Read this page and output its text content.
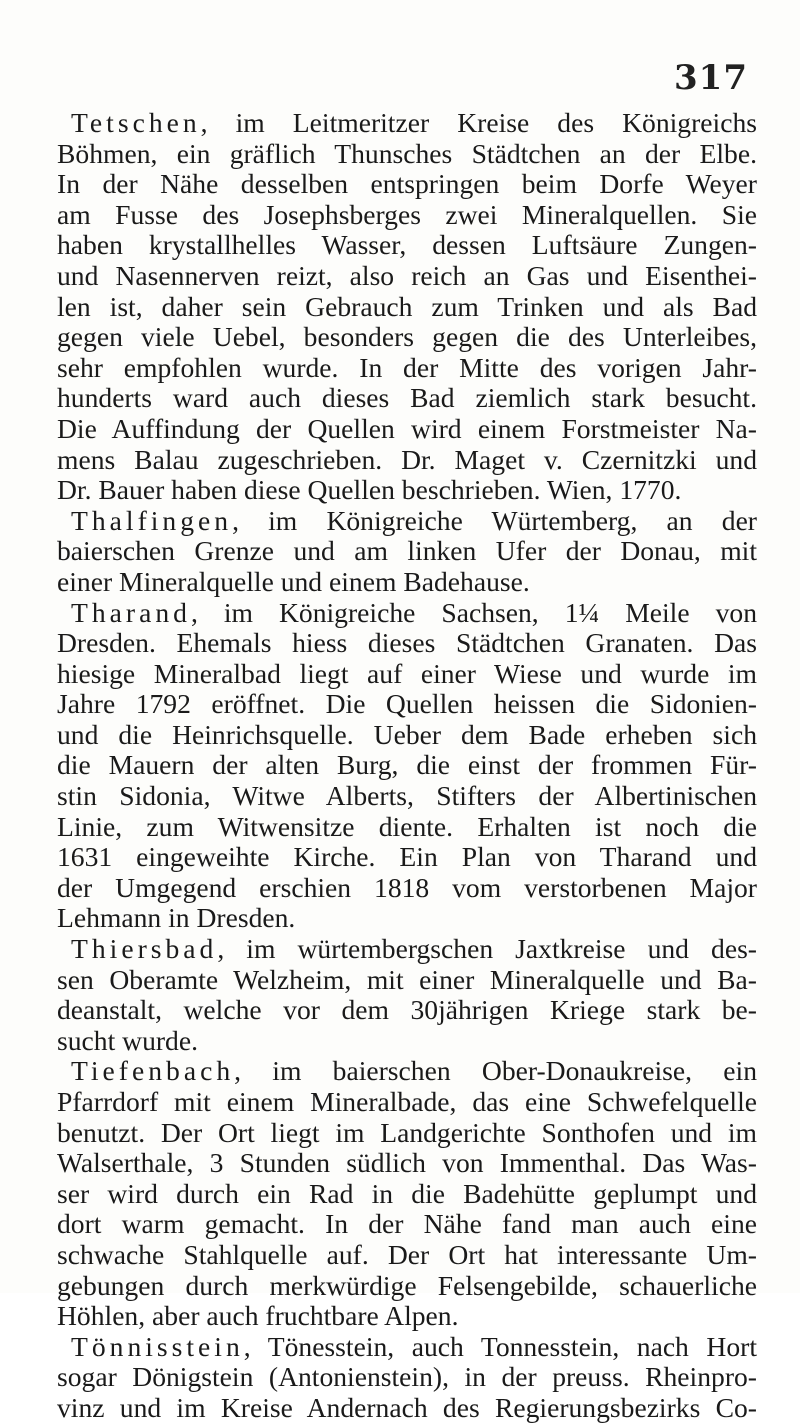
317
Tetschen, im Leitmeritzer Kreise des Königreichs
Böhmen, ein gräflich Thunsches Städtchen an der Elbe.
In der Nähe desselben entspringen beim Dorfe Weyer
am Fusse des Josephsberges zwei Mineralquellen. Sie
haben krystallhelles Wasser, dessen Luftsäure Zungen-
und Nasennerven reizt, also reich an Gas und Eisenthei-
len ist, daher sein Gebrauch zum Trinken und als Bad
gegen viele Uebel, besonders gegen die des Unterleibes,
sehr empfohlen wurde. In der Mitte des vorigen Jahr-
hunderts ward auch dieses Bad ziemlich stark besucht.
Die Auffindung der Quellen wird einem Forstmeister Na-
mens Balau zugeschrieben. Dr. Maget v. Czernitzki und
Dr. Bauer haben diese Quellen beschrieben. Wien, 1770.
Thalfingen, im Königreiche Würtemberg, an der
baierschen Grenze und am linken Ufer der Donau, mit
einer Mineralquelle und einem Badehause.
Tharand, im Königreiche Sachsen, 1¼ Meile von
Dresden. Ehemals hiess dieses Städtchen Granaten. Das
hiesige Mineralbad liegt auf einer Wiese und wurde im
Jahre 1792 eröffnet. Die Quellen heissen die Sidonien-
und die Heinrichsquelle. Ueber dem Bade erheben sich
die Mauern der alten Burg, die einst der frommen Für-
stin Sidonia, Witwe Alberts, Stifters der Albertinischen
Linie, zum Witwensitze diente. Erhalten ist noch die
1631 eingeweihte Kirche. Ein Plan von Tharand und
der Umgegend erschien 1818 vom verstorbenen Major
Lehmann in Dresden.
Thiersbad, im würtembergschen Jaxtkreise und des-
sen Oberamte Welzheim, mit einer Mineralquelle und Ba-
deanstalt, welche vor dem 30jährigen Kriege stark be-
sucht wurde.
Tiefenbach, im baierschen Ober-Donaukreise, ein
Pfarrdorf mit einem Mineralbade, das eine Schwefelquelle
benutzt. Der Ort liegt im Landgerichte Sonthofen und im
Walserthale, 3 Stunden südlich von Immenthal. Das Was-
ser wird durch ein Rad in die Badehütte geplumpt und
dort warm gemacht. In der Nähe fand man auch eine
schwache Stahlquelle auf. Der Ort hat interessante Um-
gebungen durch merkwürdige Felsengebilde, schauerliche
Höhlen, aber auch fruchtbare Alpen.
Tönnisstein, Tönesstein, auch Tonnesstein, nach Hort
sogar Dönigstein (Antonienstein), in der preuss. Rheinpro-
vinz und im Kreise Andernach des Regierungsbezirks Co-
